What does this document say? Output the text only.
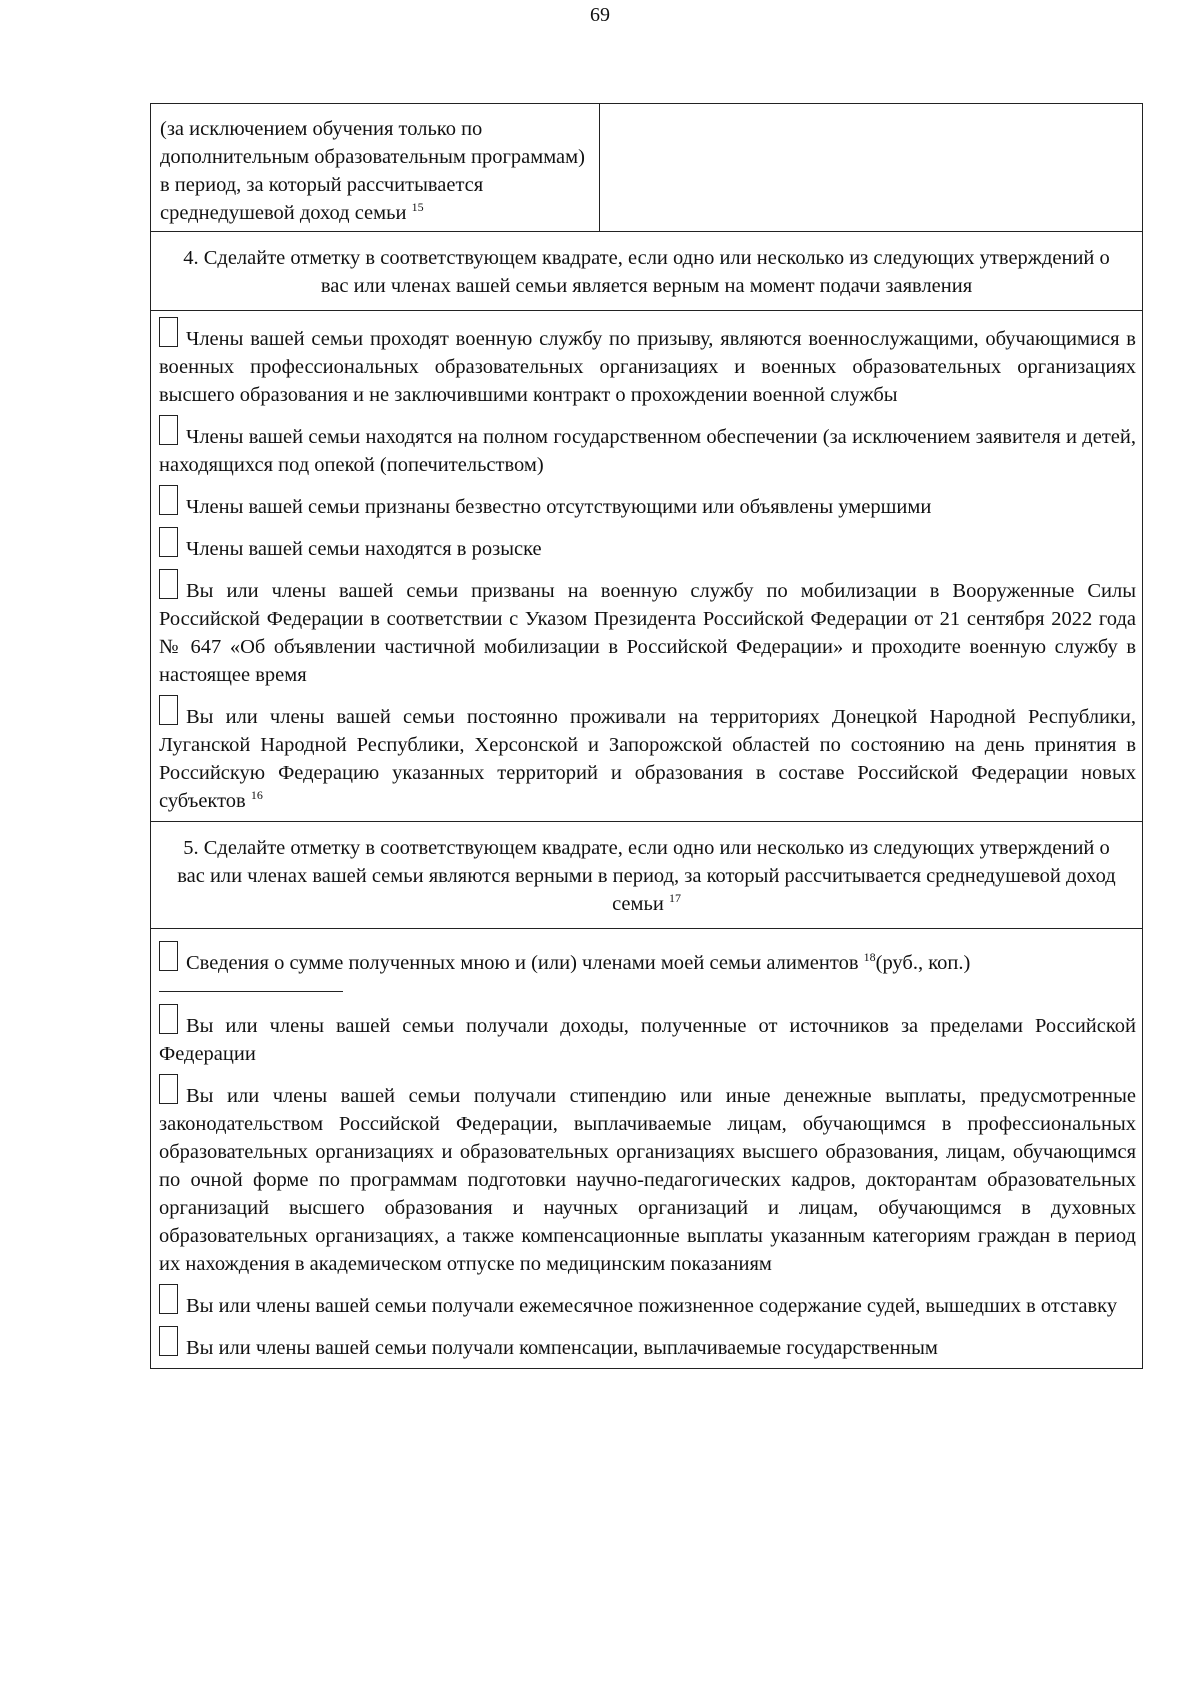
69
(за исключением обучения только по дополнительным образовательным программам) в период, за который рассчитывается среднедушевой доход семьи $^{15}$	
4. Сделайте отметку в соответствующем квадрате, если одно или несколько из следующих утверждений о вас или членах вашей семьи является верным на момент подачи заявления

Члены вашей семьи проходят военную службу по призыву, являются военнослужащими, обучающимися в военных профессиональных образовательных организациях и военных образовательных организациях высшего образования и не заключившими контракт о прохождении военной службы
Члены вашей семьи находятся на полном государственном обеспечении (за исключением заявителя и детей, находящихся под опекой (попечительством)
Члены вашей семьи признаны безвестно отсутствующими или объявлены умершими
Члены вашей семьи находятся в розыске
Вы или члены вашей семьи призваны на военную службу по мобилизации в Вооруженные Силы Российской Федерации в соответствии с Указом Президента Российской Федерации от 21 сентября 2022 года № 647 «Об объявлении частичной мобилизации в Российской Федерации» и проходите военную службу в настоящее время
Вы или члены вашей семьи постоянно проживали на территориях Донецкой Народной Республики, Луганской Народной Республики, Херсонской и Запорожской областей по состоянию на день принятия в Российскую Федерацию указанных территорий и образования в составе Российской Федерации новых субъектов $^{16}$

5. Сделайте отметку в соответствующем квадрате, если одно или несколько из следующих утверждений о вас или членах вашей семьи являются верными в период, за который рассчитывается среднедушевой доход семьи $^{17}$

Сведения о сумме полученных мною и (или) членами моей семьи алиментов $^{18}$(руб., коп.)
Вы или члены вашей семьи получали доходы, полученные от источников за пределами Российской Федерации
Вы или члены вашей семьи получали стипендию или иные денежные выплаты, предусмотренные законодательством Российской Федерации, выплачиваемые лицам, обучающимся в профессиональных образовательных организациях и образовательных организациях высшего образования, лицам, обучающимся по очной форме по программам подготовки научно-педагогических кадров, докторантам образовательных организаций высшего образования и научных организаций и лицам, обучающимся в духовных образовательных организациях, а также компенсационные выплаты указанным категориям граждан в период их нахождения в академическом отпуске по медицинским показаниям
Вы или члены вашей семьи получали ежемесячное пожизненное содержание судей, вышедших в отставку
Вы или члены вашей семьи получали компенсации, выплачиваемые государственным
